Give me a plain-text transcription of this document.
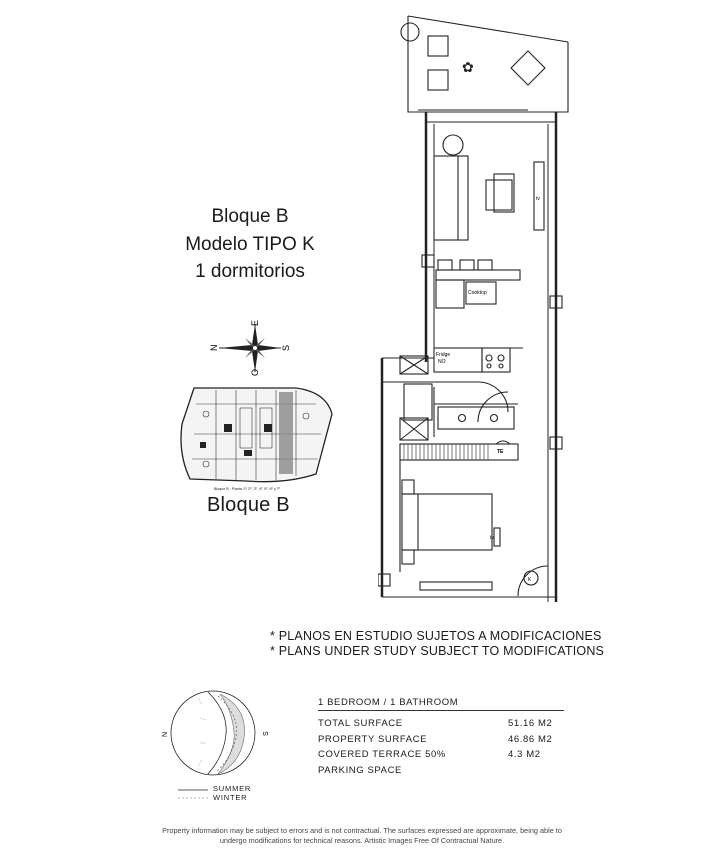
Bloque B
Modelo TIPO K
1 dormitorios
N
E
S
O
Bloque B - Planta 1º, 2º, 3º, 4º, 5º, 6º y 7º
Bloque B
✿
Fridge
NO
Cooktop
tv
tv
TE
K
* PLANOS EN ESTUDIO SUJETOS A MODIFICACIONES
* PLANS UNDER STUDY SUBJECT TO MODIFICATIONS
N	S
SUMMER
WINTER
1 BEDROOM / 1 BATHROOM
TOTAL SURFACE	51.16 M2
PROPERTY SURFACE	46.86 M2
COVERED TERRACE 50%	4.3 M2
PARKING SPACE
Property information may be subject to errors and is not contractual. The surfaces expressed are approximate, being able to undergo modifications for technical reasons. Artistic Images Free Of Contractual Nature.
